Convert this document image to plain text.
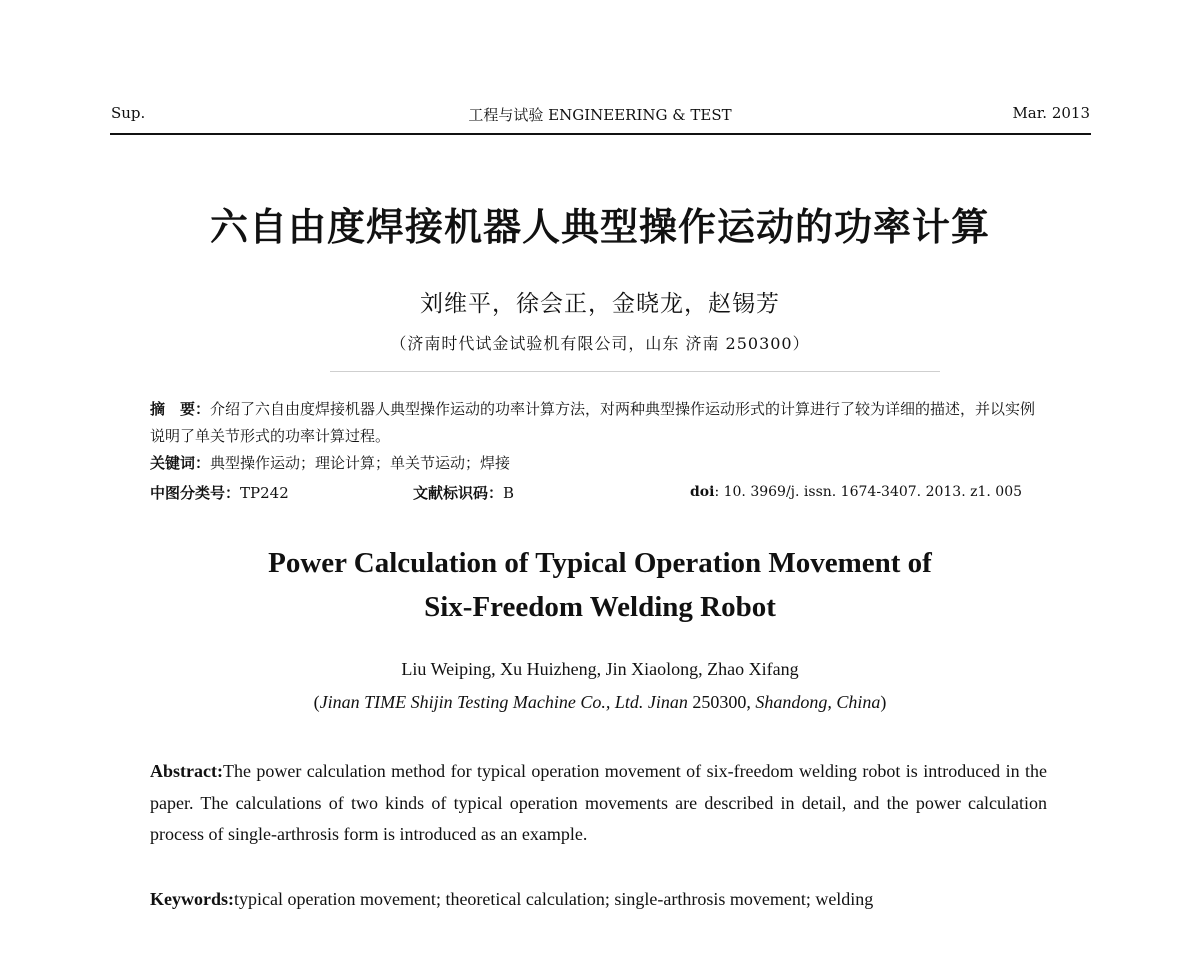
Sup.	工程与试验 ENGINEERING & TEST	Mar. 2013
六自由度焊接机器人典型操作运动的功率计算
刘维平，徐会正，金晓龙，赵锡芳
（济南时代试金试验机有限公司，山东 济南 250300）
摘　要：介绍了六自由度焊接机器人典型操作运动的功率计算方法，对两种典型操作运动形式的计算进行了较为详细的描述，并以实例说明了单关节形式的功率计算过程。
关键词：典型操作运动；理论计算；单关节运动；焊接
中图分类号：TP242	文献标识码：B	doi: 10. 3969/j. issn. 1674-3407. 2013. z1. 005
Power Calculation of Typical Operation Movement of
Six-Freedom Welding Robot
Liu Weiping, Xu Huizheng, Jin Xiaolong, Zhao Xifang
(Jinan TIME Shijin Testing Machine Co., Ltd. Jinan 250300, Shandong, China)
Abstract:The power calculation method for typical operation movement of six-freedom welding robot is introduced in the paper. The calculations of two kinds of typical operation movements are described in detail, and the power calculation process of single-arthrosis form is introduced as an example.
Keywords:typical operation movement; theoretical calculation; single-arthrosis movement; welding
